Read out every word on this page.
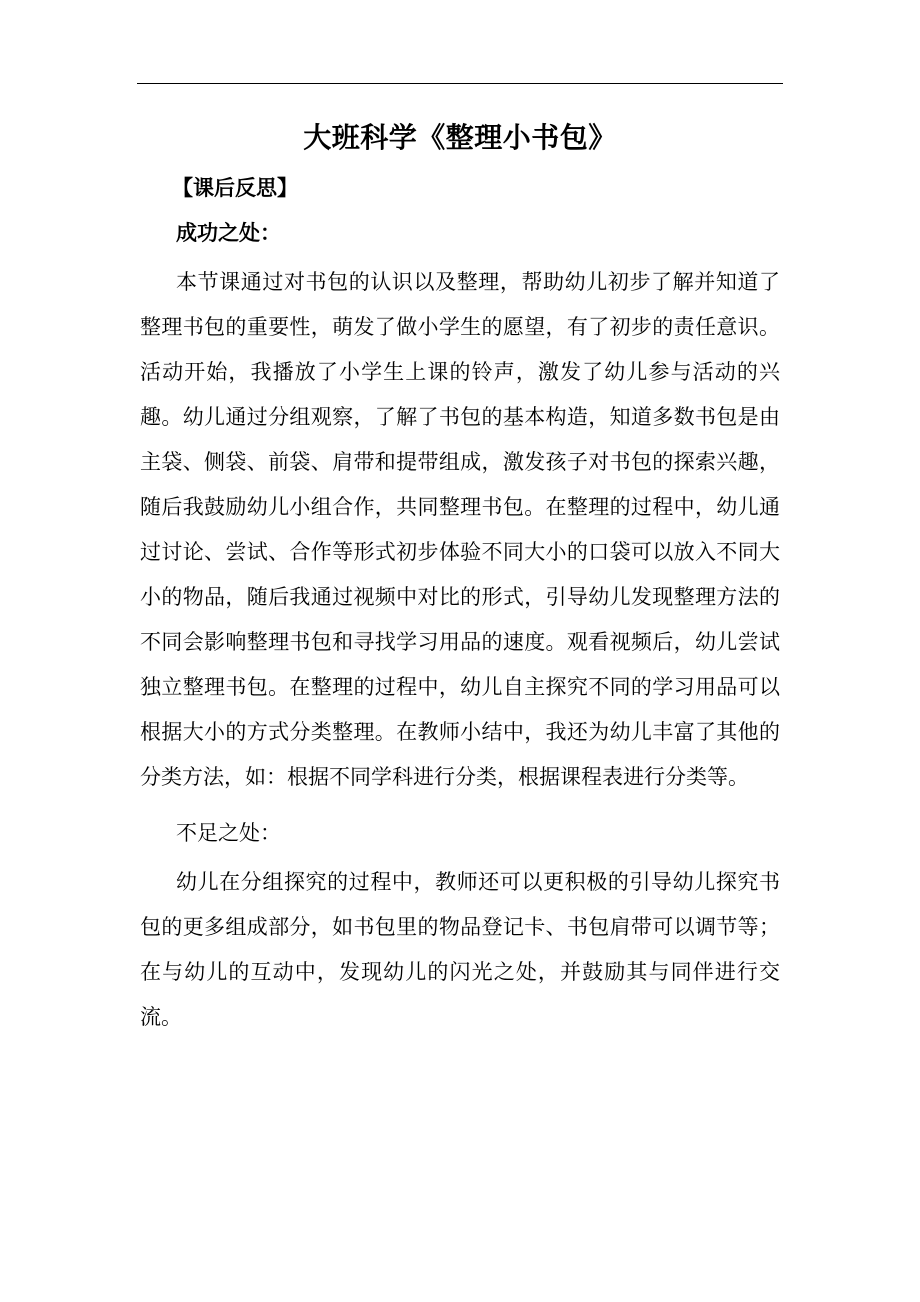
大班科学《整理小书包》
【课后反思】
成功之处：
本节课通过对书包的认识以及整理，帮助幼儿初步了解并知道了整理书包的重要性，萌发了做小学生的愿望，有了初步的责任意识。活动开始，我播放了小学生上课的铃声，激发了幼儿参与活动的兴趣。幼儿通过分组观察，了解了书包的基本构造，知道多数书包是由主袋、侧袋、前袋、肩带和提带组成，激发孩子对书包的探索兴趣，随后我鼓励幼儿小组合作，共同整理书包。在整理的过程中，幼儿通过讨论、尝试、合作等形式初步体验不同大小的口袋可以放入不同大小的物品，随后我通过视频中对比的形式，引导幼儿发现整理方法的不同会影响整理书包和寻找学习用品的速度。观看视频后，幼儿尝试独立整理书包。在整理的过程中，幼儿自主探究不同的学习用品可以根据大小的方式分类整理。在教师小结中，我还为幼儿丰富了其他的分类方法，如：根据不同学科进行分类，根据课程表进行分类等。
不足之处：
幼儿在分组探究的过程中，教师还可以更积极的引导幼儿探究书包的更多组成部分，如书包里的物品登记卡、书包肩带可以调节等；在与幼儿的互动中，发现幼儿的闪光之处，并鼓励其与同伴进行交流。
